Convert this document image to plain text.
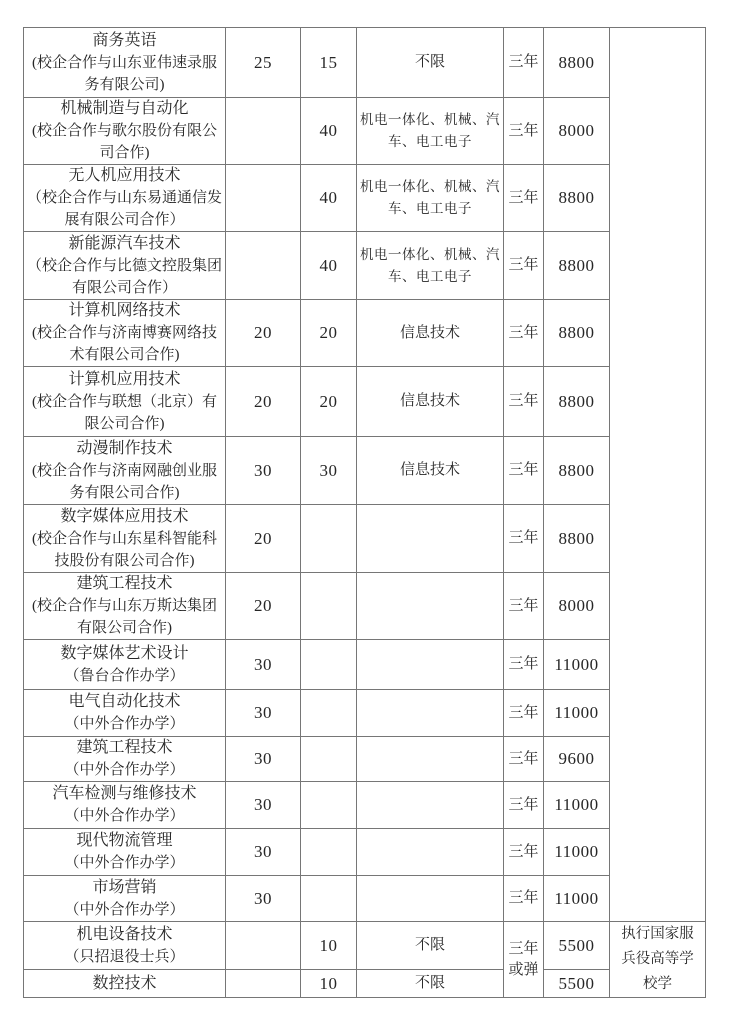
商务英语
(校企合作与山东亚伟速录服务有限公司)	25	15	不限	三年	8800	

机械制造与自动化
(校企合作与歌尔股份有限公司合作)		40	机电一体化、机械、汽车、电工电子	三年	8000	

无人机应用技术
（校企合作与山东易通通信发展有限公司合作）		40	机电一体化、机械、汽车、电工电子	三年	8800	

新能源汽车技术
（校企合作与比德文控股集团有限公司合作）		40	机电一体化、机械、汽车、电工电子	三年	8800	

计算机网络技术
(校企合作与济南博赛网络技术有限公司合作)	20	20	信息技术	三年	8800	

计算机应用技术
(校企合作与联想（北京）有限公司合作)	20	20	信息技术	三年	8800	

动漫制作技术
(校企合作与济南网融创业服务有限公司合作)	30	30	信息技术	三年	8800	

数字媒体应用技术
(校企合作与山东星科智能科技股份有限公司合作)	20			三年	8800	

建筑工程技术
(校企合作与山东万斯达集团有限公司合作)	20			三年	8000	

数字媒体艺术设计
（鲁台合作办学）	30			三年	11000	

电气自动化技术
（中外合作办学）	30			三年	11000	

建筑工程技术
（中外合作办学）	30			三年	9600	

汽车检测与维修技术
（中外合作办学）	30			三年	11000	

现代物流管理
（中外合作办学）	30			三年	11000	

市场营销
（中外合作办学）	30			三年	11000	

机电设备技术
（只招退役士兵）		10	不限	三年或弹	5500	执行国家服兵役高等学校学

数控技术		10	不限		5500	
